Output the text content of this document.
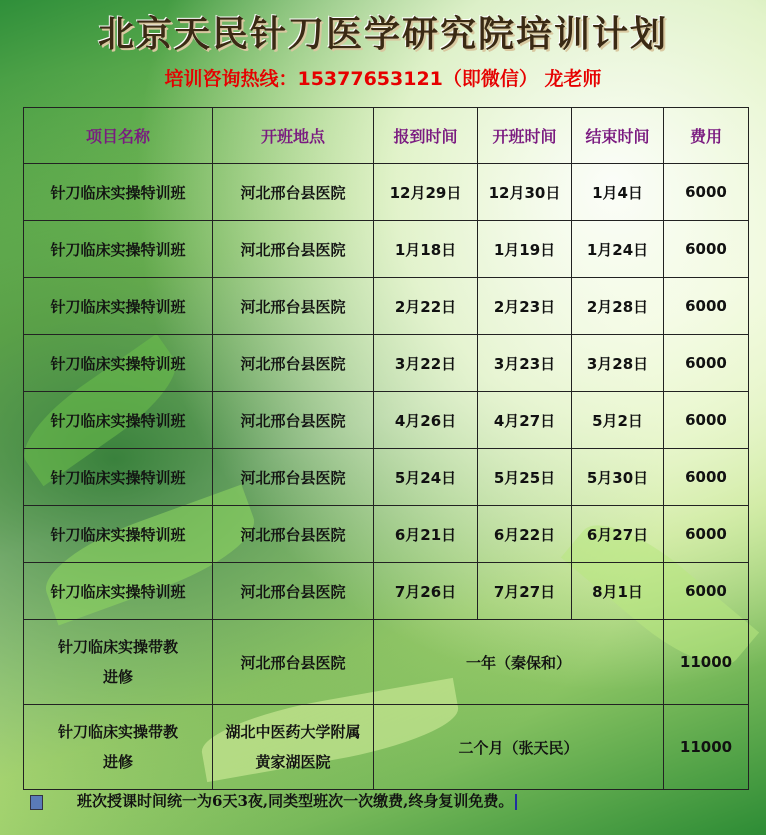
北京天民针刀医学研究院培训计划
培训咨询热线：15377653121（即微信） 龙老师
项目名称	开班地点	报到时间	开班时间	结束时间	费用
针刀临床实操特训班	河北邢台县医院	12月29日	12月30日	1月4日	6000
针刀临床实操特训班	河北邢台县医院	1月18日	1月19日	1月24日	6000
针刀临床实操特训班	河北邢台县医院	2月22日	2月23日	2月28日	6000
针刀临床实操特训班	河北邢台县医院	3月22日	3月23日	3月28日	6000
针刀临床实操特训班	河北邢台县医院	4月26日	4月27日	5月2日	6000
针刀临床实操特训班	河北邢台县医院	5月24日	5月25日	5月30日	6000
针刀临床实操特训班	河北邢台县医院	6月21日	6月22日	6月27日	6000
针刀临床实操特训班	河北邢台县医院	7月26日	7月27日	8月1日	6000
针刀临床实操带教进修	河北邢台县医院	一年（秦保和）			11000
针刀临床实操带教进修	湖北中医药大学附属黄家湖医院	二个月（张天民）			11000
班次授课时间统一为6天3夜,同类型班次一次缴费,终身复训免费。
